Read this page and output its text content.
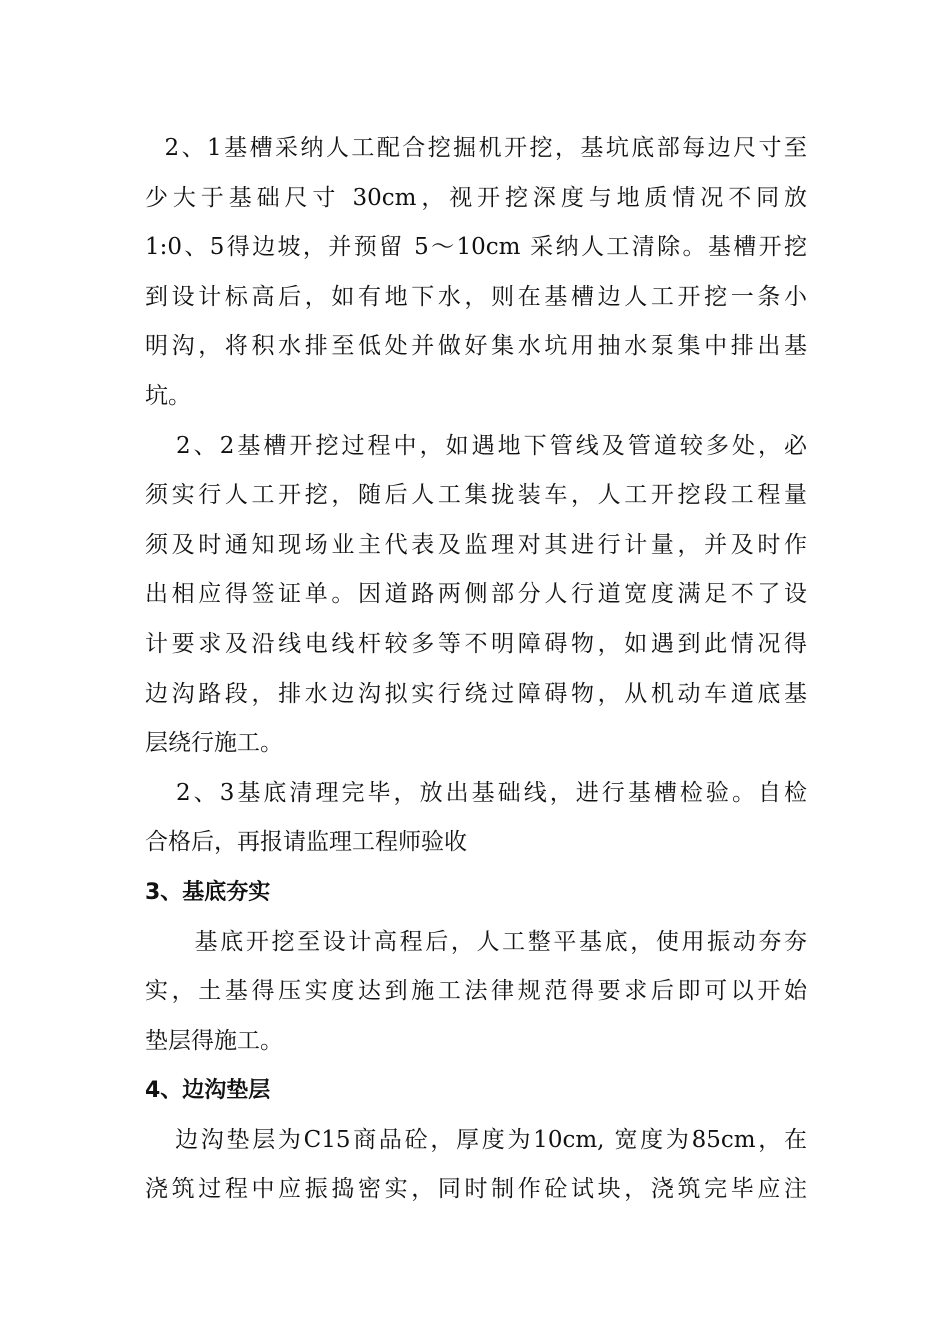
2、1基槽采纳人工配合挖掘机开挖，基坑底部每边尺寸至
少大于基础尺寸 30cm，视开挖深度与地质情况不同放
1:0、5得边坡，并预留 5～10cm 采纳人工清除。基槽开挖
到设计标高后，如有地下水，则在基槽边人工开挖一条小
明沟，将积水排至低处并做好集水坑用抽水泵集中排出基
坑。
2、2基槽开挖过程中，如遇地下管线及管道较多处，必
须实行人工开挖，随后人工集拢装车，人工开挖段工程量
须及时通知现场业主代表及监理对其进行计量，并及时作
出相应得签证单。因道路两侧部分人行道宽度满足不了设
计要求及沿线电线杆较多等不明障碍物，如遇到此情况得
边沟路段，排水边沟拟实行绕过障碍物，从机动车道底基
层绕行施工。
2、3基底清理完毕，放出基础线，进行基槽检验。自检
合格后，再报请监理工程师验收
3、基底夯实
基底开挖至设计高程后，人工整平基底，使用振动夯夯
实，土基得压实度达到施工法律规范得要求后即可以开始
垫层得施工。
4、边沟垫层
边沟垫层为C15商品砼，厚度为10cm, 宽度为85cm，在
浇筑过程中应振捣密实，同时制作砼试块，浇筑完毕应注
